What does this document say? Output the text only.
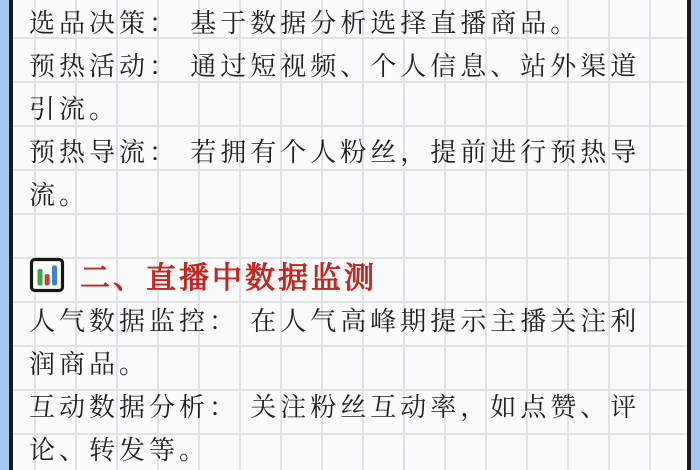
选品决策： 基于数据分析选择直播商品。
预热活动： 通过短视频、个人信息、站外渠道
引流。
预热导流： 若拥有个人粉丝，提前进行预热导
流。
二、直播中数据监测
人气数据监控： 在人气高峰期提示主播关注利
润商品。
互动数据分析： 关注粉丝互动率，如点赞、评
论、转发等。
